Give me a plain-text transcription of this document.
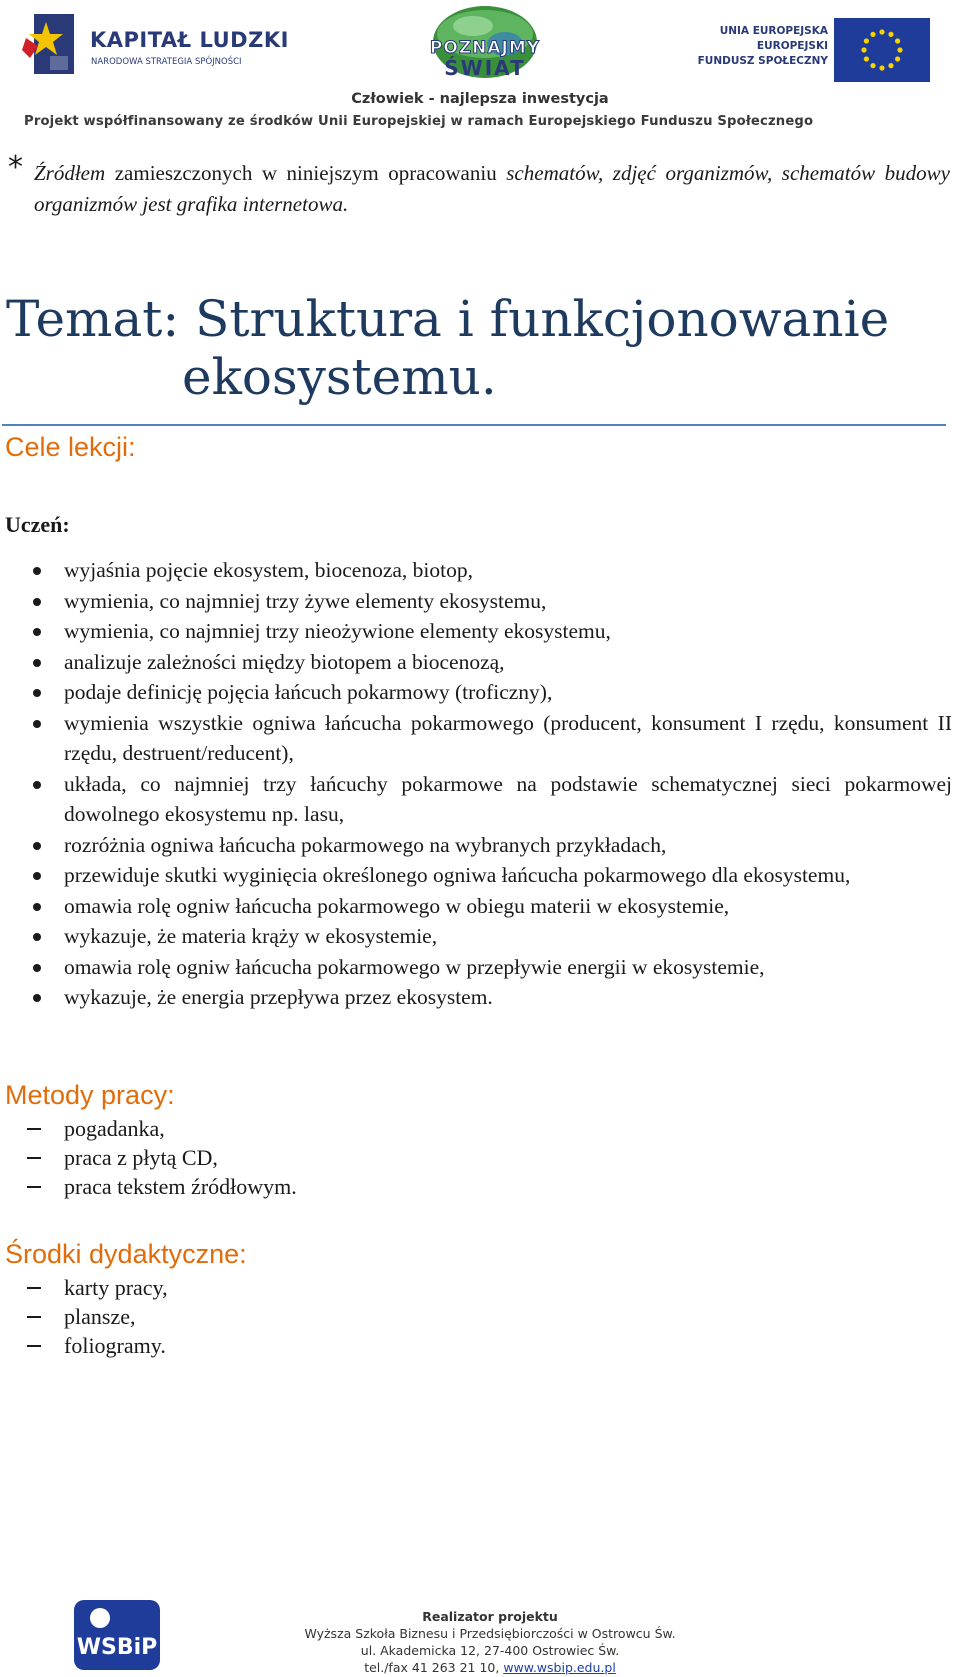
KAPITAŁ LUDZKI
NARODOWA STRATEGIA SPÓJNOŚCI
POZNAJMY
ŚWIAT
UNIA EUROPEJSKA
EUROPEJSKI
FUNDUSZ SPOŁECZNY
Człowiek - najlepsza inwestycja
Projekt współfinansowany ze środków Unii Europejskiej w ramach Europejskiego Funduszu Społecznego
* Źródłem zamieszczonych w niniejszym opracowaniu schematów, zdjęć organizmów, schematów budowy organizmów jest grafika internetowa.
Temat: Struktura i funkcjonowanie
ekosystemu.
Cele lekcji:
Uczeń:
wyjaśnia pojęcie ekosystem, biocenoza, biotop,
wymienia, co najmniej trzy żywe elementy ekosystemu,
wymienia, co najmniej trzy nieożywione elementy ekosystemu,
analizuje zależności między biotopem a biocenozą,
podaje definicję pojęcia łańcuch pokarmowy (troficzny),
wymienia wszystkie ogniwa łańcucha pokarmowego (producent, konsument I rzędu, konsument II rzędu, destruent/reducent),
układa, co najmniej trzy łańcuchy pokarmowe na podstawie schematycznej sieci pokarmowej dowolnego ekosystemu np. lasu,
rozróżnia ogniwa łańcucha pokarmowego na wybranych przykładach,
przewiduje skutki wyginięcia określonego ogniwa łańcucha pokarmowego dla ekosystemu,
omawia rolę ogniw łańcucha pokarmowego w obiegu materii w ekosystemie,
wykazuje, że materia krąży w ekosystemie,
omawia rolę ogniw łańcucha pokarmowego w przepływie energii w ekosystemie,
wykazuje, że energia przepływa przez ekosystem.
Metody pracy:
pogadanka,
praca z płytą CD,
praca tekstem źródłowym.
Środki dydaktyczne:
karty pracy,
plansze,
foliogramy.
WSBiP
Realizator projektu
Wyższa Szkoła Biznesu i Przedsiębiorczości w Ostrowcu Św.
ul. Akademicka 12, 27-400 Ostrowiec Św.
tel./fax 41 263 21 10, www.wsbip.edu.pl
